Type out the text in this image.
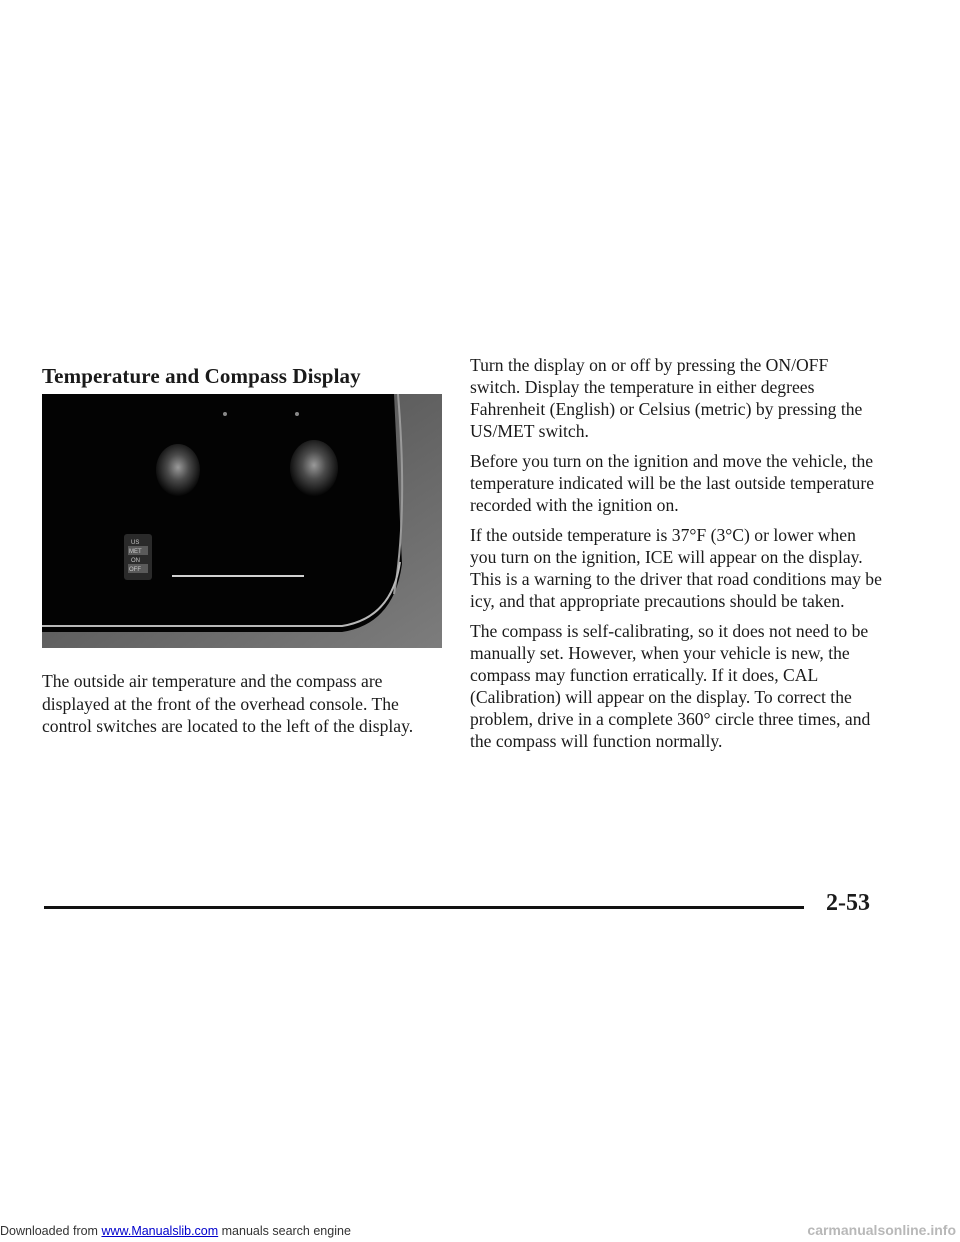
Temperature and Compass Display
US
MET
ON
OFF

The outside air temperature and the compass are displayed at the front of the overhead console. The control switches are located to the left of the display.

Turn the display on or off by pressing the ON/OFF switch. Display the temperature in either degrees Fahrenheit (English) or Celsius (metric) by pressing the US/MET switch.

Before you turn on the ignition and move the vehicle, the temperature indicated will be the last outside temperature recorded with the ignition on.

If the outside temperature is 37°F (3°C) or lower when you turn on the ignition, ICE will appear on the display. This is a warning to the driver that road conditions may be icy, and that appropriate precautions should be taken.

The compass is self-calibrating, so it does not need to be manually set. However, when your vehicle is new, the compass may function erratically. If it does, CAL (Calibration) will appear on the display. To correct the problem, drive in a complete 360° circle three times, and the compass will function normally.

2-53

Downloaded from www.Manualslib.com manuals search engine	carmanualsonline.info
